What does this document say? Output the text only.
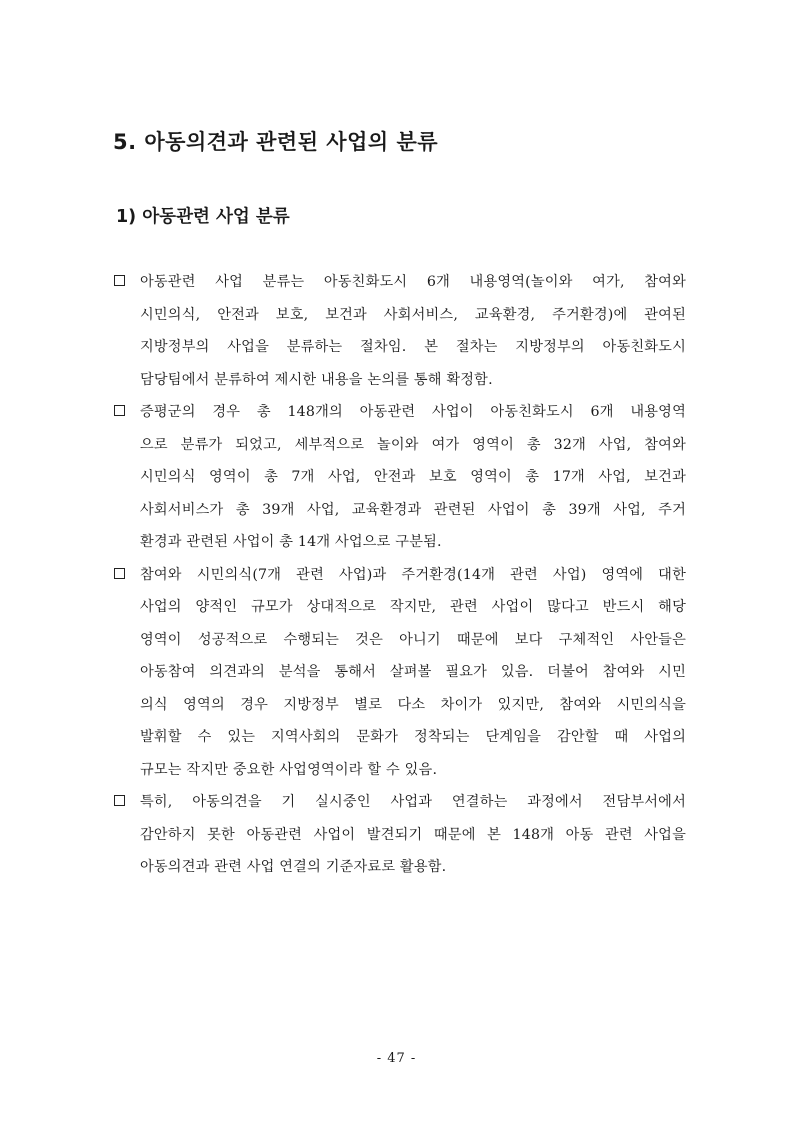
5. 아동의견과 관련된 사업의 분류
1) 아동관련 사업 분류
아동관련 사업 분류는 아동친화도시 6개 내용영역(놀이와 여가, 참여와
시민의식, 안전과 보호, 보건과 사회서비스, 교육환경, 주거환경)에 관여된
지방정부의 사업을 분류하는 절차임. 본 절차는 지방정부의 아동친화도시
담당팀에서 분류하여 제시한 내용을 논의를 통해 확정함.
증평군의 경우 총 148개의 아동관련 사업이 아동친화도시 6개 내용영역
으로 분류가 되었고, 세부적으로 놀이와 여가 영역이 총 32개 사업, 참여와
시민의식 영역이 총 7개 사업, 안전과 보호 영역이 총 17개 사업, 보건과
사회서비스가 총 39개 사업, 교육환경과 관련된 사업이 총 39개 사업, 주거
환경과 관련된 사업이 총 14개 사업으로 구분됨.
참여와 시민의식(7개 관련 사업)과 주거환경(14개 관련 사업) 영역에 대한
사업의 양적인 규모가 상대적으로 작지만, 관련 사업이 많다고 반드시 해당
영역이 성공적으로 수행되는 것은 아니기 때문에 보다 구체적인 사안들은
아동참여 의견과의 분석을 통해서 살펴볼 필요가 있음. 더불어 참여와 시민
의식 영역의 경우 지방정부 별로 다소 차이가 있지만, 참여와 시민의식을
발휘할 수 있는 지역사회의 문화가 정착되는 단계임을 감안할 때 사업의
규모는 작지만 중요한 사업영역이라 할 수 있음.
특히, 아동의견을 기 실시중인 사업과 연결하는 과정에서 전담부서에서
감안하지 못한 아동관련 사업이 발견되기 때문에 본 148개 아동 관련 사업을
아동의견과 관련 사업 연결의 기준자료로 활용함.
- 47 -
